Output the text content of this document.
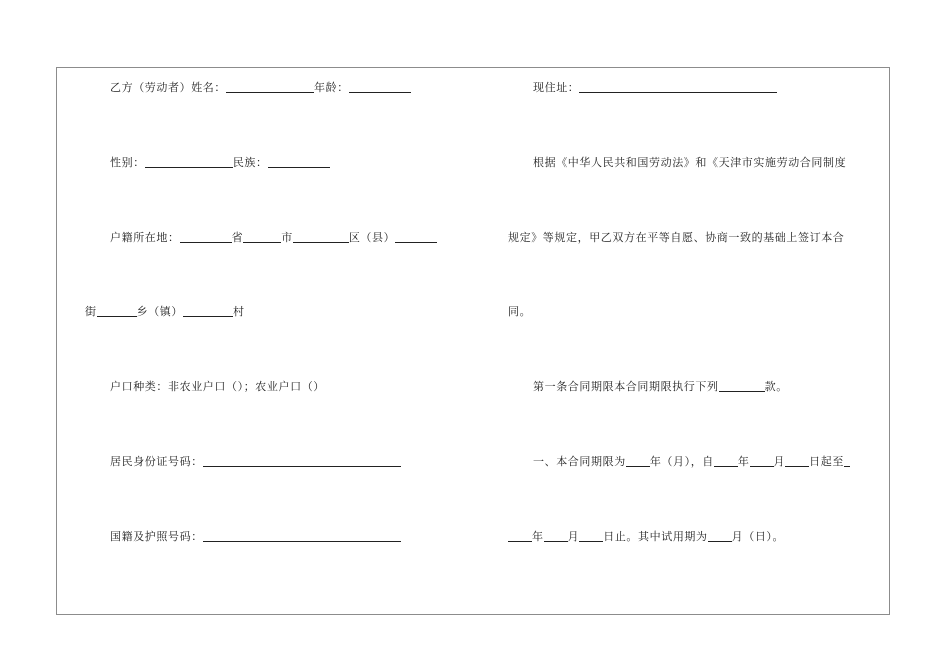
乙方（劳动者）姓名：	年龄：
性别：	民族：
户籍所在地：	省	市	区（县）
街	乡（镇）	村
户口种类：非农业户口（）；农业户口（）
居民身份证号码：
国籍及护照号码：
现住址：
根据《中华人民共和国劳动法》和《天津市实施劳动合同制度
规定》等规定，甲乙双方在平等自愿、协商一致的基础上签订本合
同。
第一条合同期限本合同期限执行下列	款。
一、本合同期限为 年（月），自 年 月 日起至
年 月 日止。其中试用期为 月（日）。
